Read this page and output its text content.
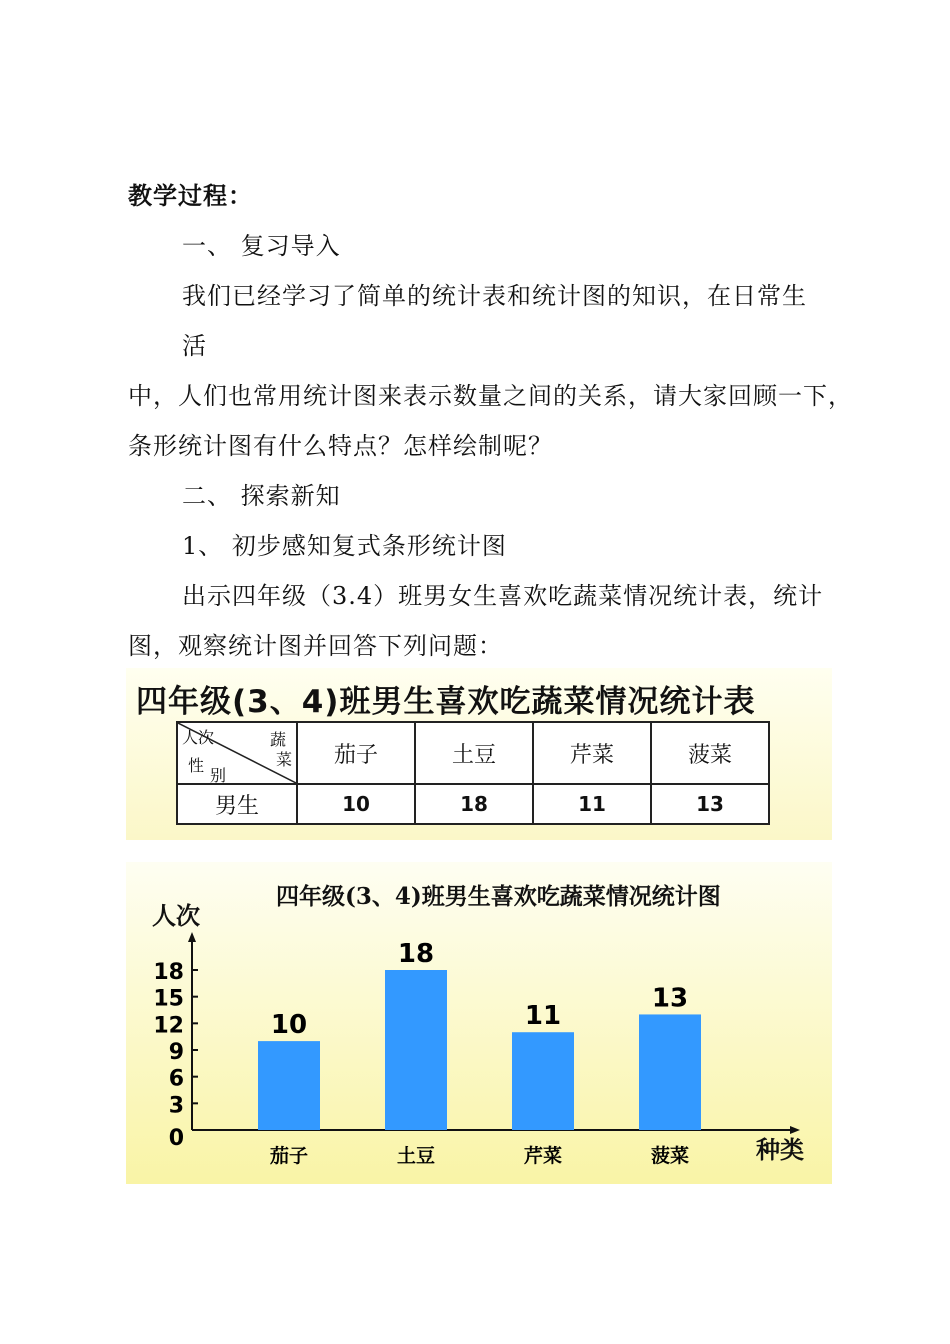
教学过程：
一、 复习导入
我们已经学习了简单的统计表和统计图的知识，在日常生
活
中，人们也常用统计图来表示数量之间的关系，请大家回顾一下，
条形统计图有什么特点？怎样绘制呢？
二、 探索新知
1、 初步感知复式条形统计图
出示四年级（3.4）班男女生喜欢吃蔬菜情况统计表，统计
图，观察统计图并回答下列问题：
四年级(3、4)班男生喜欢吃蔬菜情况统计表
人次 蔬
菜
性
别	茄子	土豆	芹菜	菠菜
男生	10	18	11	13
四年级(3、4)班男生喜欢吃蔬菜情况统计图
人次
种类
0
3
6
9
12
15
18
10
茄子
18
土豆
11
芹菜
13
菠菜
